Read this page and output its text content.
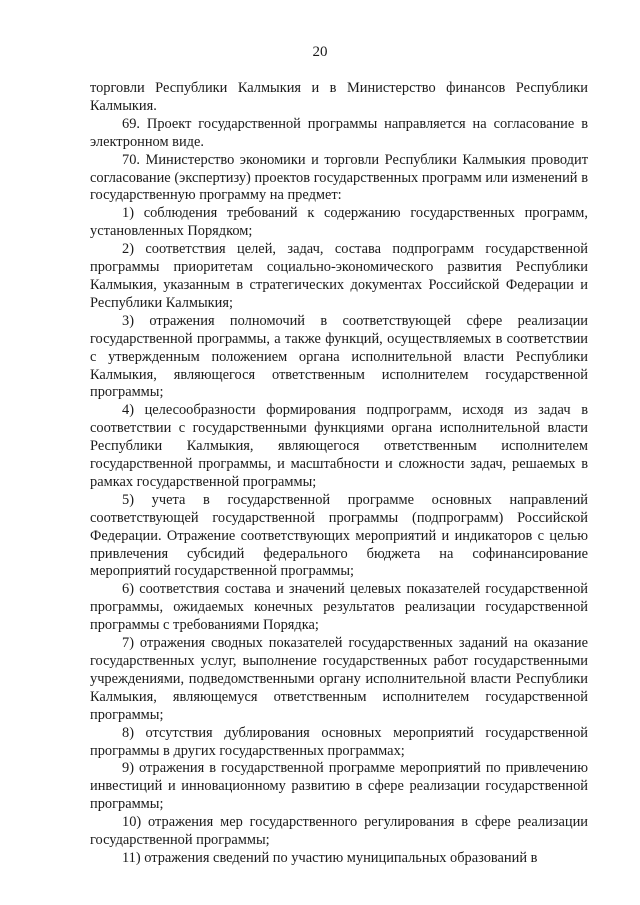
20

торговли Республики Калмыкия и в Министерство финансов Республики Калмыкия.

69. Проект государственной программы направляется на согласование в электронном виде.

70. Министерство экономики и торговли Республики Калмыкия проводит согласование (экспертизу) проектов государственных программ или изменений в государственную программу на предмет:

1) соблюдения требований к содержанию государственных программ, установленных Порядком;

2) соответствия целей, задач, состава подпрограмм государственной программы приоритетам социально-экономического развития Республики Калмыкия, указанным в стратегических документах Российской Федерации и Республики Калмыкия;

3) отражения полномочий в соответствующей сфере реализации государственной программы, а также функций, осуществляемых в соответствии с утвержденным положением органа исполнительной власти Республики Калмыкия, являющегося ответственным исполнителем государственной программы;

4) целесообразности формирования подпрограмм, исходя из задач в соответствии с государственными функциями органа исполнительной власти Республики Калмыкия, являющегося ответственным исполнителем государственной программы, и масштабности и сложности задач, решаемых в рамках государственной программы;

5) учета в государственной программе основных направлений соответствующей государственной программы (подпрограмм) Российской Федерации. Отражение соответствующих мероприятий и индикаторов с целью привлечения субсидий федерального бюджета на софинансирование мероприятий государственной программы;

6) соответствия состава и значений целевых показателей государственной программы, ожидаемых конечных результатов реализации государственной программы с требованиями Порядка;

7) отражения сводных показателей государственных заданий на оказание государственных услуг, выполнение государственных работ государственными учреждениями, подведомственными органу исполнительной власти Республики Калмыкия, являющемуся ответственным исполнителем государственной программы;

8) отсутствия дублирования основных мероприятий государственной программы в других государственных программах;

9) отражения в государственной программе мероприятий по привлечению инвестиций и инновационному развитию в сфере реализации государственной программы;

10) отражения мер государственного регулирования в сфере реализации государственной программы;

11) отражения сведений по участию муниципальных образований в
